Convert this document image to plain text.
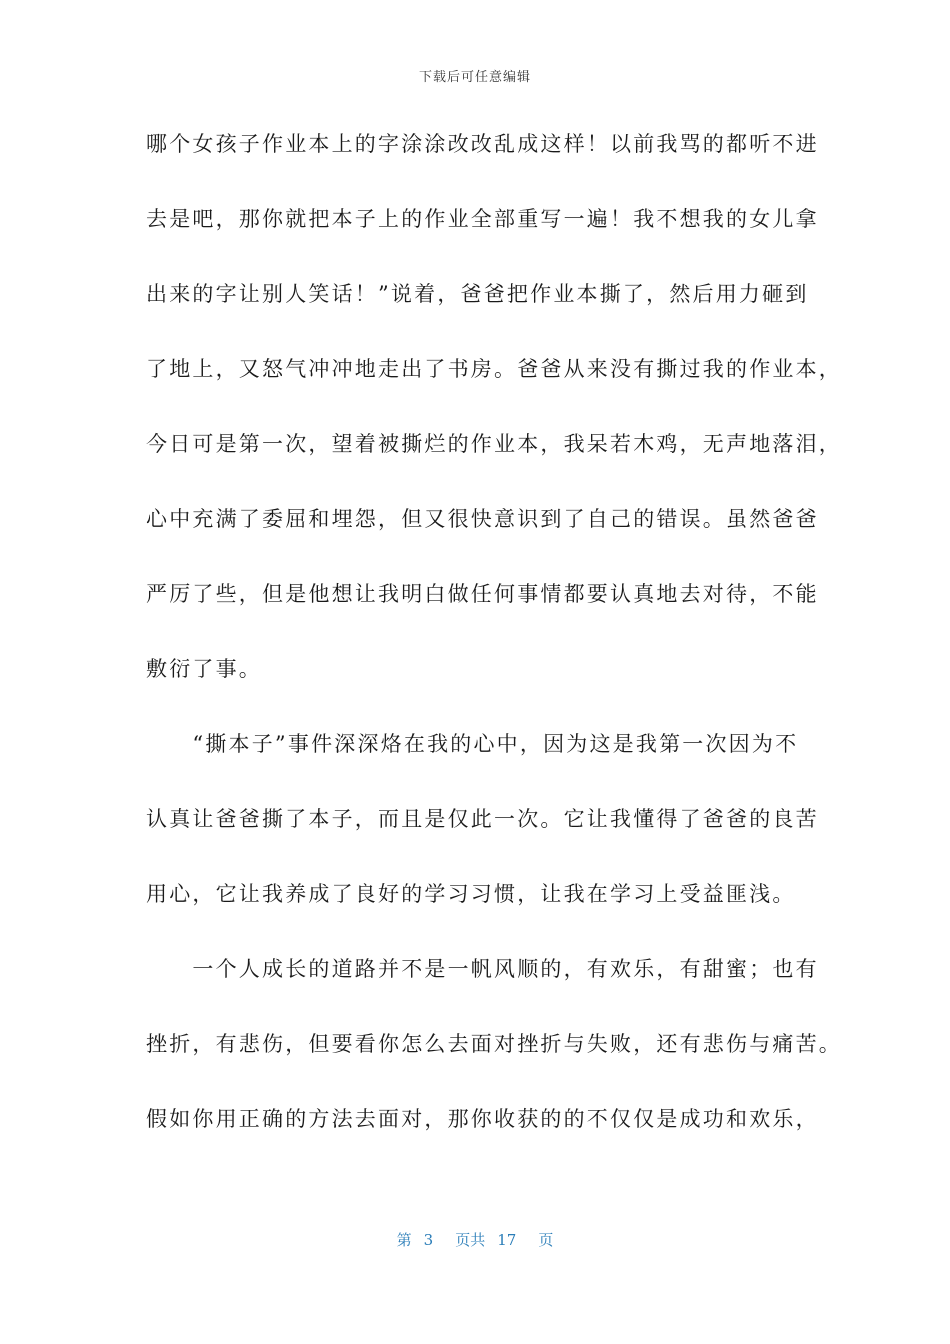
下载后可任意编辑
哪个女孩子作业本上的字涂涂改改乱成这样！以前我骂的都听不进
去是吧，那你就把本子上的作业全部重写一遍！我不想我的女儿拿
出来的字让别人笑话！”说着，爸爸把作业本撕了，然后用力砸到
了地上，又怒气冲冲地走出了书房。爸爸从来没有撕过我的作业本，
今日可是第一次，望着被撕烂的作业本，我呆若木鸡，无声地落泪，
心中充满了委屈和埋怨，但又很快意识到了自己的错误。虽然爸爸
严厉了些，但是他想让我明白做任何事情都要认真地去对待，不能
敷衍了事。
　　“撕本子”事件深深烙在我的心中，因为这是我第一次因为不
认真让爸爸撕了本子，而且是仅此一次。它让我懂得了爸爸的良苦
用心，它让我养成了良好的学习习惯，让我在学习上受益匪浅。
　　一个人成长的道路并不是一帆风顺的，有欢乐，有甜蜜；也有
挫折，有悲伤，但要看你怎么去面对挫折与失败，还有悲伤与痛苦。
假如你用正确的方法去面对，那你收获的的不仅仅是成功和欢乐，
第 3 页共 17 页
